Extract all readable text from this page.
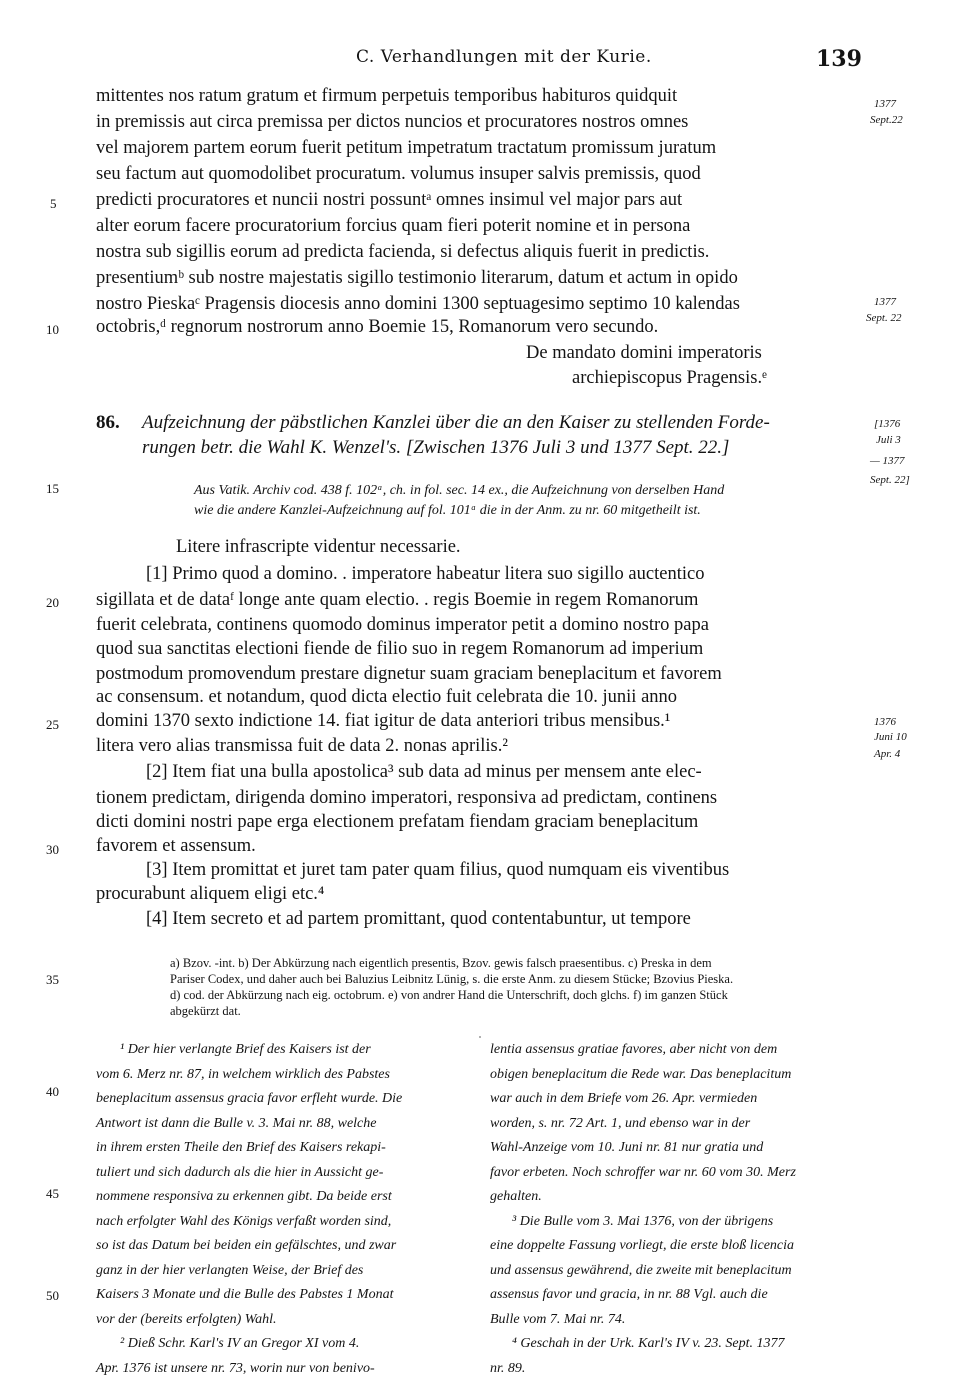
C. Verhandlungen mit der Kurie.	139
mittentes nos ratum gratum et firmum perpetuis temporibus habituros quidquit
in premissis aut circa premissa per dictos nuncios et procuratores nostros omnes
vel majorem partem eorum fuerit petitum impetratum tractatum promissum juratum
seu factum aut quomodolibet procuratum. volumus insuper salvis premissis, quod
predicti procuratores et nuncii nostri possuntᵃ omnes insimul vel major pars aut
alter eorum facere procuratorium forcius quam fieri poterit nomine et in persona
nostra sub sigillis eorum ad predicta facienda, si defectus aliquis fuerit in predictis.
presentiumᵇ sub nostre majestatis sigillo testimonio literarum, datum et actum in opido
nostro Pieskaᶜ Pragensis diocesis anno domini 1300 septuagesimo septimo 10 kalendas
octobris,ᵈ regnorum nostrorum anno Boemie 15, Romanorum vero secundo.
De mandato domini imperatoris
archiepiscopus Pragensis.ᵉ
86. Aufzeichnung der päbstlichen Kanzlei über die an den Kaiser zu stellenden Forde-
rungen betr. die Wahl K. Wenzel's. [Zwischen 1376 Juli 3 und 1377 Sept. 22.]
Aus Vatik. Archiv cod. 438 f. 102ᵃ, ch. in fol. sec. 14 ex., die Aufzeichnung von derselben Hand
wie die andere Kanzlei-Aufzeichnung auf fol. 101ᵃ die in der Anm. zu nr. 60 mitgetheilt ist.
Litere infrascripte videntur necessarie.
[1] Primo quod a domino. . imperatore habeatur litera suo sigillo auctentico
sigillata et de dataᶠ longe ante quam electio. . regis Boemie in regem Romanorum
fuerit celebrata, continens quomodo dominus imperator petit a domino nostro papa
quod sua sanctitas electioni fiende de filio suo in regem Romanorum ad imperium
postmodum promovendum prestare dignetur suam graciam beneplacitum et favorem
ac consensum. et notandum, quod dicta electio fuit celebrata die 10. junii anno
domini 1370 sexto indictione 14. fiat igitur de data anteriori tribus mensibus.¹
litera vero alias transmissa fuit de data 2. nonas aprilis.²
[2] Item fiat una bulla apostolica³ sub data ad minus per mensem ante elec-
tionem predictam, dirigenda domino imperatori, responsiva ad predictam, continens
dicti domini nostri pape erga electionem prefatam fiendam graciam beneplacitum
favorem et assensum.
[3] Item promittat et juret tam pater quam filius, quod numquam eis viventibus
procurabunt aliquem eligi etc.⁴
[4] Item secreto et ad partem promittant, quod contentabuntur, ut tempore
5
10
15
20
25
30
35
40
45
50
1377
Sept.22
1377
Sept. 22
[1376
Juli 3
— 1377
Sept. 22]
1376
Juni 10
Apr. 4
a) Bzov. -int. b) Der Abkürzung nach eigentlich presentis, Bzov. gewis falsch praesentibus. c) Preska in dem
Pariser Codex, und daher auch bei Baluzius Leibnitz Lünig, s. die erste Anm. zu diesem Stücke; Bzovius Pieska.
d) cod. der Abkürzung nach eig. octobrum. e) von andrer Hand die Unterschrift, doch glchs. f) im ganzen Stück
abgekürzt dat.
¹ Der hier verlangte Brief des Kaisers ist der
vom 6. Merz nr. 87, in welchem wirklich des Pabstes
beneplacitum assensus gracia favor erfleht wurde. Die
Antwort ist dann die Bulle v. 3. Mai nr. 88, welche
in ihrem ersten Theile den Brief des Kaisers rekapi-
tuliert und sich dadurch als die hier in Aussicht ge-
nommene responsiva zu erkennen gibt. Da beide erst
nach erfolgter Wahl des Königs verfaßt worden sind,
so ist das Datum bei beiden ein gefälschtes, und zwar
ganz in der hier verlangten Weise, der Brief des
Kaisers 3 Monate und die Bulle des Pabstes 1 Monat
vor der (bereits erfolgten) Wahl.
² Dieß Schr. Karl's IV an Gregor XI vom 4.
Apr. 1376 ist unsere nr. 73, worin nur von benivo-
lentia assensus gratiae favores, aber nicht von dem
obigen beneplacitum die Rede war. Das beneplacitum
war auch in dem Briefe vom 26. Apr. vermieden
worden, s. nr. 72 Art. 1, und ebenso war in der
Wahl-Anzeige vom 10. Juni nr. 81 nur gratia und
favor erbeten. Noch schroffer war nr. 60 vom 30. Merz
gehalten.
³ Die Bulle vom 3. Mai 1376, von der übrigens
eine doppelte Fassung vorliegt, die erste bloß licencia
und assensus gewährend, die zweite mit beneplacitum
assensus favor und gracia, in nr. 88 Vgl. auch die
Bulle vom 7. Mai nr. 74.
⁴ Geschah in der Urk. Karl's IV v. 23. Sept. 1377
nr. 89.
